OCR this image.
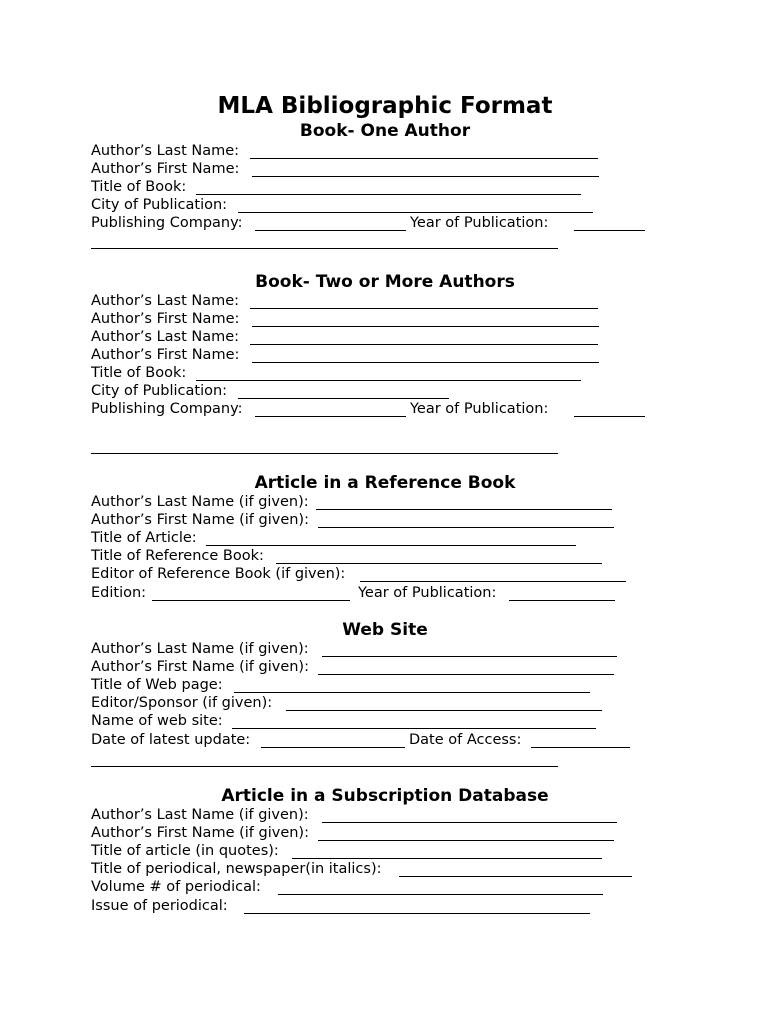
MLA Bibliographic Format
Book- One Author
Author’s Last Name:
Author’s First Name:
Title of Book:
City of Publication:
Publishing Company:	Year of Publication:
Book- Two or More Authors
Author’s Last Name:
Author’s First Name:
Author’s Last Name:
Author’s First Name:
Title of Book:
City of Publication:
Publishing Company:	Year of Publication:
Article in a Reference Book
Author’s Last Name (if given):
Author’s First Name (if given):
Title of Article:
Title of Reference Book:
Editor of Reference Book (if given):
Edition:	Year of Publication:
Web Site
Author’s Last Name (if given):
Author’s First Name (if given):
Title of Web page:
Editor/Sponsor (if given):
Name of web site:
Date of latest update:	Date of Access:
Article in a Subscription Database
Author’s Last Name (if given):
Author’s First Name (if given):
Title of article (in quotes):
Title of periodical, newspaper(in italics):
Volume # of periodical:
Issue of periodical:
